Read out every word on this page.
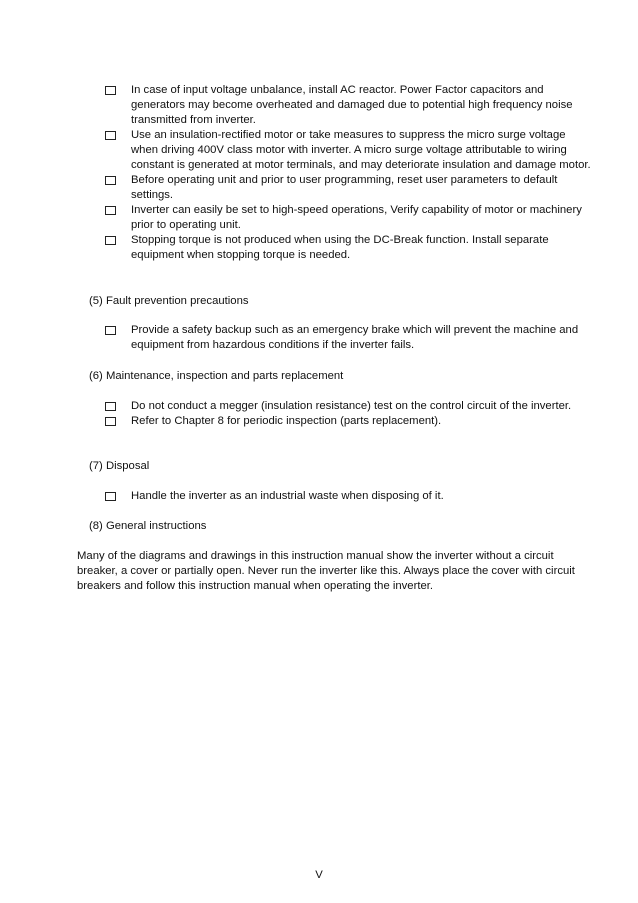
In case of input voltage unbalance, install AC reactor. Power Factor capacitors and generators may become overheated and damaged due to potential high frequency noise transmitted from inverter.
Use an insulation-rectified motor or take measures to suppress the micro surge voltage when driving 400V class motor with inverter. A micro surge voltage attributable to wiring constant is generated at motor terminals, and may deteriorate insulation and damage motor.
Before operating unit and prior to user programming, reset user parameters to default settings.
Inverter can easily be set to high-speed operations, Verify capability of motor or machinery prior to operating unit.
Stopping torque is not produced when using the DC-Break function. Install separate equipment when stopping torque is needed.

(5) Fault prevention precautions

Provide a safety backup such as an emergency brake which will prevent the machine and equipment from hazardous conditions if the inverter fails.

(6) Maintenance, inspection and parts replacement

Do not conduct a megger (insulation resistance) test on the control circuit of the inverter.
Refer to Chapter 8 for periodic inspection (parts replacement).

(7) Disposal

Handle the inverter as an industrial waste when disposing of it.

(8) General instructions

Many of the diagrams and drawings in this instruction manual show the inverter without a circuit breaker, a cover or partially open. Never run the inverter like this. Always place the cover with circuit breakers and follow this instruction manual when operating the inverter.

V
